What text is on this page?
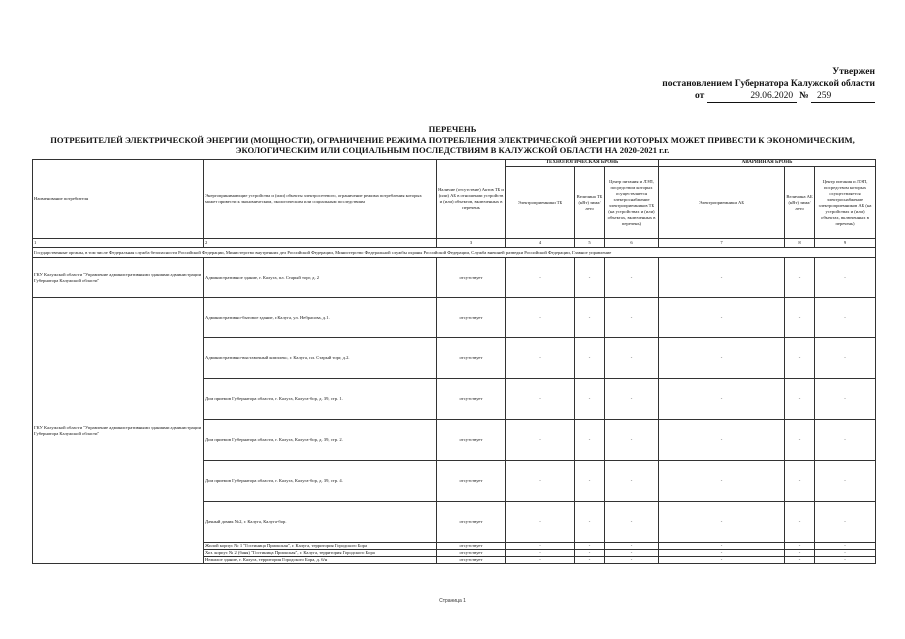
Утвержен
постановлением Губернатора Калужской области
от	29.06.2020 № 259
ПЕРЕЧЕНЬ
ПОТРЕБИТЕЛЕЙ ЭЛЕКТРИЧЕСКОЙ ЭНЕРГИИ (МОЩНОСТИ), ОГРАНИЧЕНИЕ РЕЖИМА ПОТРЕБЛЕНИЯ ЭЛЕКТРИЧЕСКОЙ ЭНЕРГИИ КОТОРЫХ МОЖЕТ ПРИВЕСТИ К ЭКОНОМИЧЕСКИМ,
ЭКОЛОГИЧЕСКИМ ИЛИ СОЦИАЛЬНЫМ ПОСЛЕДСТВИЯМ В КАЛУЖСКОЙ ОБЛАСТИ НА 2020-2021 г.г.
Наименование потребителя	Энергопринимающие устройства и (или) объекты электросетевого, ограничение режима потребления которых может привести к экономическим, экологическим или социальным последствиям	Наличие (отсутствие) Актов ТБ и (или) АБ в отношении устройств и (или) объектов, включенных в перечень	ТЕХНОЛОГИЧЕСКАЯ БРОНЬ			АВАРИЙНАЯ БРОНЬ		
			Электроприемники ТБ	Величина ТБ (кВт) зима/лето	Центр питания и ЛЭП, посредством которых осуществляется электроснабжение электроприемников ТБ (на устройствах и (или) объектах, включенных в перечень)	Электроприемники АБ	Величина АБ (кВт) зима/лето	Центр питания и ЛЭП, посредством которых осуществляется электроснабжение электроприемников АБ (на устройствах и (или) объектах, включенных в перечень)
1	2	3	4	5	6	7	8	9
Государственные органы, в том числе Федеральная служба безопасности Российской Федерации, Министерство внутренних дел Российской Федерации, Министерство Федеральной службы охраны Российской Федерации, Служба внешней разведки Российской Федерации, Главное управление								
ГКУ Калужской области "Управление административными зданиями администрации Губернатора Калужской области"	Административное здание, г. Калуга, пл. Старый торг, д. 2	отсутствует	-	-	-	-	-	-
ГКУ Калужской области "Управление административными зданиями администрации Губернатора Калужской области"	Административно-бытовое здание, г.Калуга, ул. Небрасова, д.1.	отсутствует	-	-	-	-	-	-
	Административно-выставочный комплекс, г. Калуга, пл. Старый торг, д.2.	отсутствует	-	-	-	-	-	-
	Дом приемов Губернатора области, г. Калуга, Калуга-бор, д. 39, стр. 1.	отсутствует	-	-	-	-	-	-
	Дом приемов Губернатора области, г. Калуга, Калуга-бор, д. 39, стр. 2.	отсутствует	-	-	-	-	-	-
	Дом приемов Губернатора области, г. Калуга, Калуга-бор, д. 39, стр. 4.	отсутствует	-	-	-	-	-	-
	Дачный домик №2, г. Калуга, Калуга-бор.	отсутствует	-	-	-	-	-	-
	Жилой корпус № 1 "Гостиница Приокская", г. Калуга, территория Городского Бора	отсутствует	-	-	-	-	-	-
	Хоз. корпус № 2 (баня) "Гостиница Приокская", г. Калуга, территория Городского Бора	отсутствует	-	-	-	-	-	-
	Нежилое здание, г. Калуга, территория Городского Бора, д. 6/н	отсутствует	-	-	-	-	-	-
Страница 1
